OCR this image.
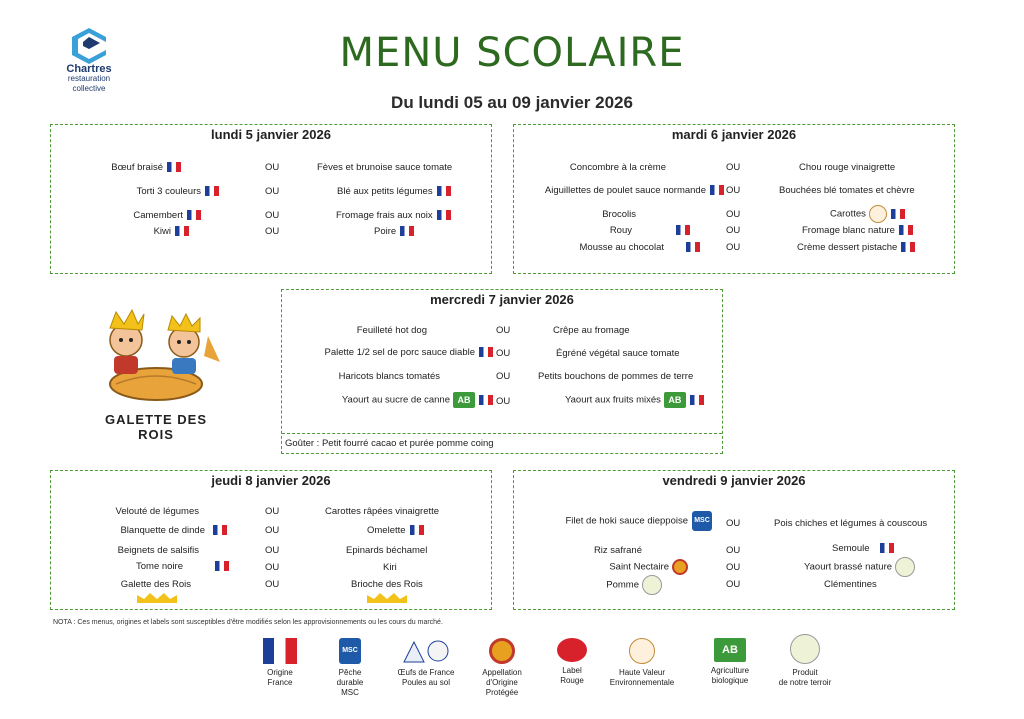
Chartres
restauration
collective
MENU SCOLAIRE
Du lundi 05 au 09 janvier 2026
lundi 5 janvier 2026
Bœuf braisé	OU	Fèves et brunoise sauce tomate
Torti 3 couleurs	OU	Blé aux petits légumes
Camembert	OU	Fromage frais aux noix
Kiwi	OU	Poire
mardi 6 janvier 2026
Concombre à la crème	OU	Chou rouge vinaigrette
Aiguillettes de poulet sauce normande	OU	Bouchées blé tomates et chèvre
Brocolis	OU	Carottes
Rouy	OU	Fromage blanc nature
Mousse au chocolat	OU	Crème dessert pistache
GALETTE DES ROIS
mercredi 7 janvier 2026
Feuilleté hot dog	OU	Crêpe au fromage
Palette 1/2 sel de porc sauce diable	OU	Égréné végétal sauce tomate
Haricots blancs tomatés	OU	Petits bouchons de pommes de terre
Yaourt au sucre de canne AB	OU	Yaourt aux fruits mixés AB
Goûter : Petit fourré cacao et purée pomme coing
jeudi 8 janvier 2026
Velouté de légumes	OU	Carottes râpées vinaigrette
Blanquette de dinde	OU	Omelette
Beignets de salsifis	OU	Epinards béchamel
Tome noire	OU	Kiri
Galette des Rois	OU	Brioche des Rois
vendredi 9 janvier 2026
Filet de hoki sauce dieppoise MSC OU	Pois chiches et légumes à couscous
Riz safrané	OU	Semoule
Saint Nectaire	OU	Yaourt brassé nature
Pomme	OU	Clémentines
NOTA : Ces menus, origines et labels sont susceptibles d'être modifiés selon les approvisionnements ou les cours du marché.
Origine
France
MSC
Pêche
durable
MSC
Œufs de France
Poules au sol
Appellation
d'Origine
Protégée
Label
Rouge
Haute Valeur
Environnementale
AB
Agriculture
biologique
Produit
de notre terroir
